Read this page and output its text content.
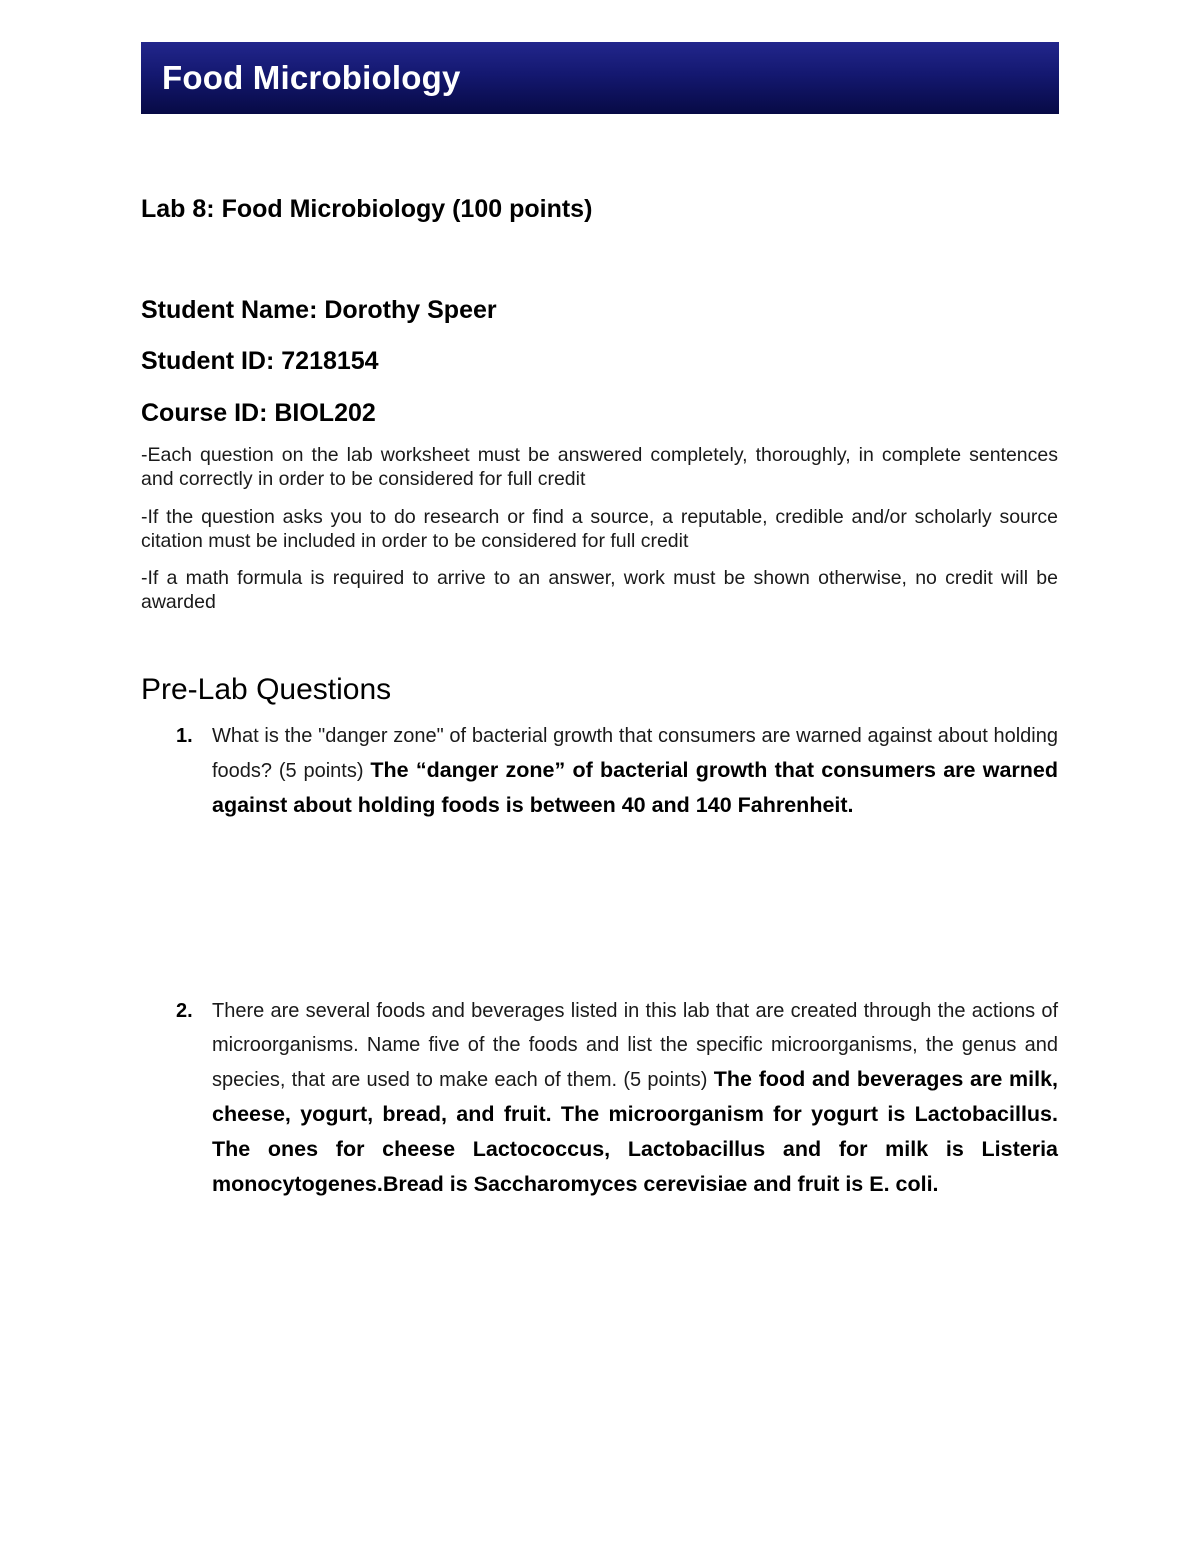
Food Microbiology
Lab 8: Food Microbiology (100 points)

Student Name: Dorothy Speer

Student ID: 7218154

Course ID: BIOL202

-Each question on the lab worksheet must be answered completely, thoroughly, in complete sentences and correctly in order to be considered for full credit

-If the question asks you to do research or find a source, a reputable, credible and/or scholarly source citation must be included in order to be considered for full credit

-If a math formula is required to arrive to an answer, work must be shown otherwise, no credit will be awarded

Pre-Lab Questions
1. What is the "danger zone" of bacterial growth that consumers are warned against about holding foods? (5 points) The “danger zone” of bacterial growth that consumers are warned against about holding foods is between 40 and 140 Fahrenheit.
2. There are several foods and beverages listed in this lab that are created through the actions of microorganisms. Name five of the foods and list the specific microorganisms, the genus and species, that are used to make each of them. (5 points) The food and beverages are milk, cheese, yogurt, bread, and fruit. The microorganism for yogurt is Lactobacillus. The ones for cheese Lactococcus, Lactobacillus and for milk is Listeria monocytogenes.Bread is Saccharomyces cerevisiae and fruit is E. coli.
